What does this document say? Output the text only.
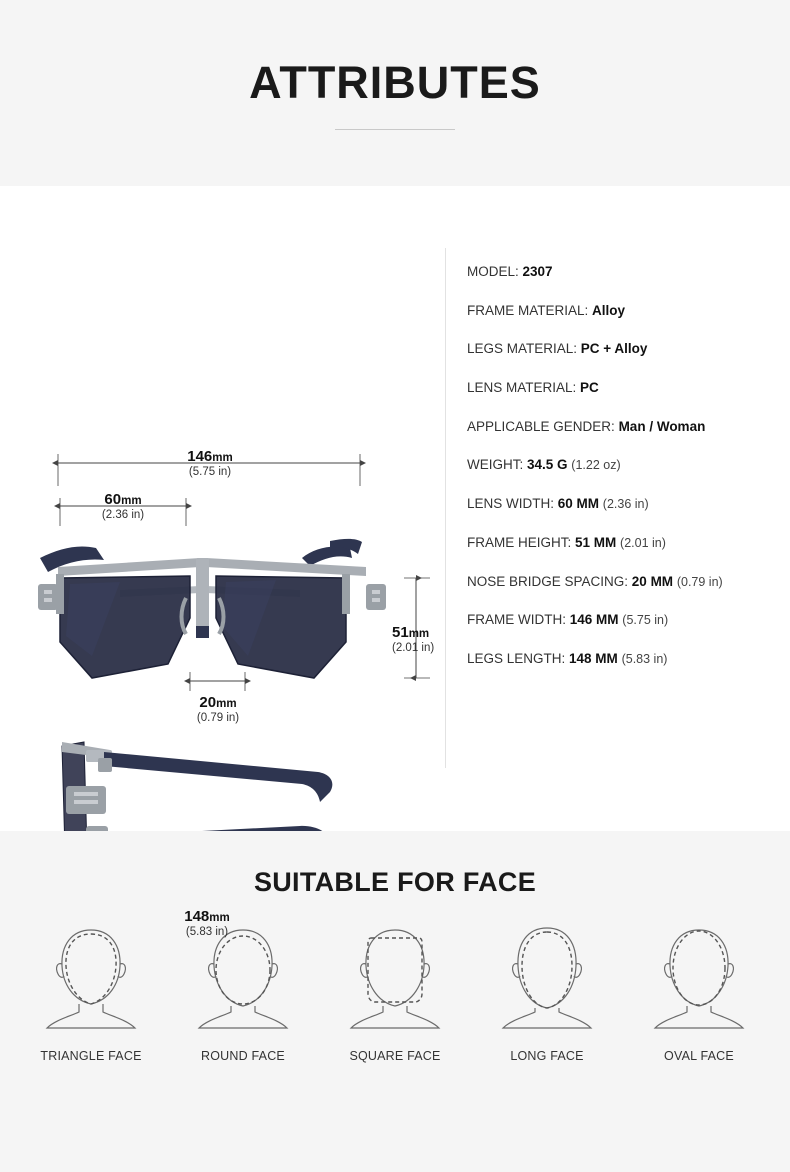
ATTRIBUTES
146mm
(5.75 in)
60mm
(2.36 in)
51mm
(2.01 in)
20mm
(0.79 in)
148mm
(5.83 in)
MODEL: 2307
FRAME MATERIAL: Alloy
LEGS MATERIAL: PC + Alloy
LENS MATERIAL: PC
APPLICABLE GENDER: Man / Woman
WEIGHT: 34.5 G (1.22 oz)
LENS WIDTH: 60 MM (2.36 in)
FRAME HEIGHT: 51 MM (2.01 in)
NOSE BRIDGE SPACING: 20 MM (0.79 in)
FRAME WIDTH: 146 MM (5.75 in)
LEGS LENGTH: 148 MM (5.83 in)
SUITABLE FOR FACE
TRIANGLE FACE	ROUND FACE	SQUARE FACE	LONG FACE	OVAL FACE
